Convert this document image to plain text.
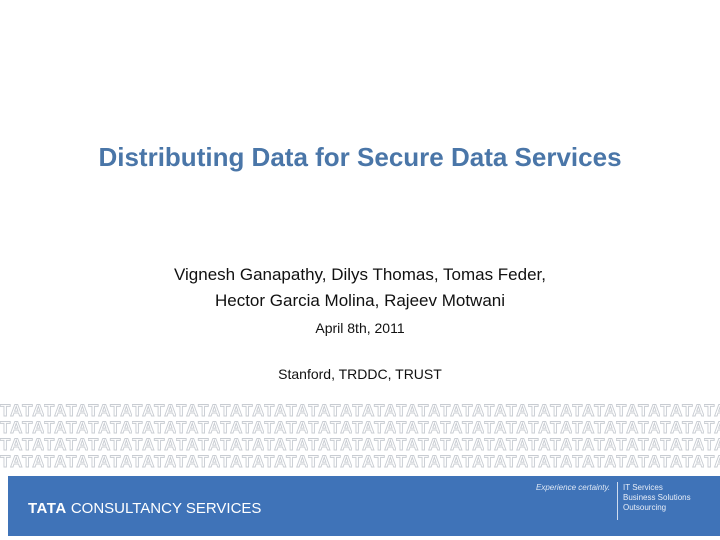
Distributing Data for Secure Data Services
Vignesh Ganapathy, Dilys Thomas, Tomas Feder,
Hector Garcia Molina, Rajeev Motwani
April 8th, 2011
Stanford, TRDDC, TRUST
TATA CONSULTANCY SERVICES
Experience certainty. IT Services
Business Solutions
Outsourcing
